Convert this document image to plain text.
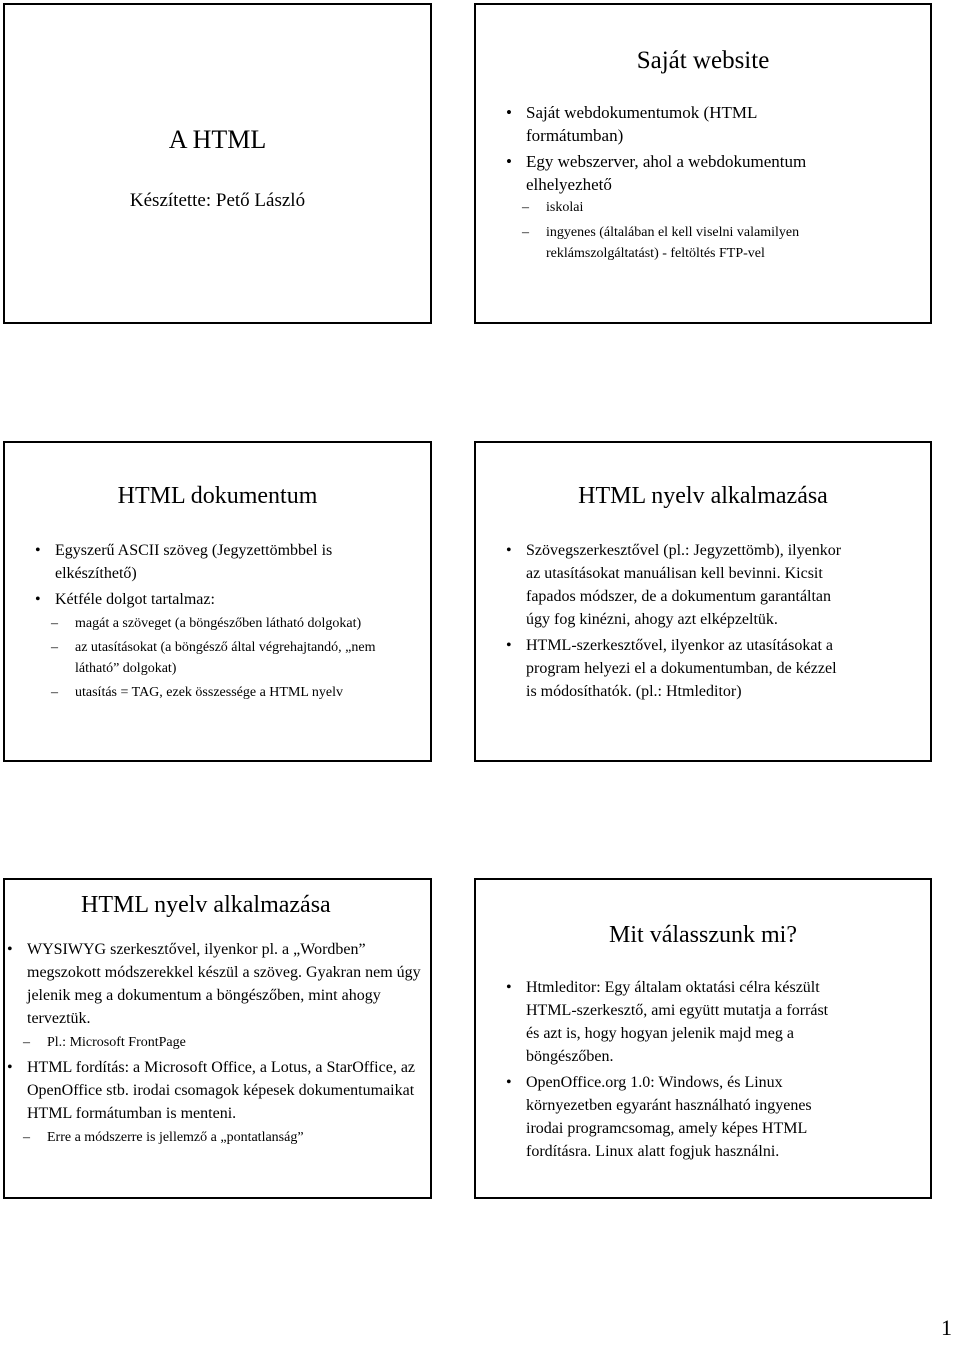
A HTML
Készítette: Pető László
Saját website
• Saját webdokumentumok (HTML formátumban)
• Egy webszerver, ahol a webdokumentum elhelyezhető
– iskolai
– ingyenes (általában el kell viselni valamilyen reklámszolgáltatást) - feltöltés FTP-vel
HTML dokumentum
• Egyszerű ASCII szöveg (Jegyzettömbbel is elkészíthető)
• Kétféle dolgot tartalmaz:
– magát a szöveget (a böngészőben látható dolgokat)
– az utasításokat (a böngésző által végrehajtandó, „nem látható” dolgokat)
– utasítás = TAG, ezek összessége a HTML nyelv
HTML nyelv alkalmazása
• Szövegszerkesztővel (pl.: Jegyzettömb), ilyenkor az utasításokat manuálisan kell bevinni. Kicsit fapados módszer, de a dokumentum garantáltan úgy fog kinézni, ahogy azt elképzeltük.
• HTML-szerkesztővel, ilyenkor az utasításokat a program helyezi el a dokumentumban, de kézzel is módosíthatók. (pl.: Htmleditor)
HTML nyelv alkalmazása
• WYSIWYG szerkesztővel, ilyenkor pl. a „Wordben” megszokott módszerekkel készül a szöveg. Gyakran nem úgy jelenik meg a dokumentum a böngészőben, mint ahogy terveztük.
– Pl.: Microsoft FrontPage
• HTML fordítás: a Microsoft Office, a Lotus, a StarOffice, az OpenOffice stb. irodai csomagok képesek dokumentumaikat HTML formátumban is menteni.
– Erre a módszerre is jellemző a „pontatlanság”
Mit válasszunk mi?
• Htmleditor: Egy általam oktatási célra készült HTML-szerkesztő, ami együtt mutatja a forrást és azt is, hogy hogyan jelenik majd meg a böngészőben.
• OpenOffice.org 1.0: Windows, és Linux környezetben egyaránt használható ingyenes irodai programcsomag, amely képes HTML fordításra. Linux alatt fogjuk használni.
1
